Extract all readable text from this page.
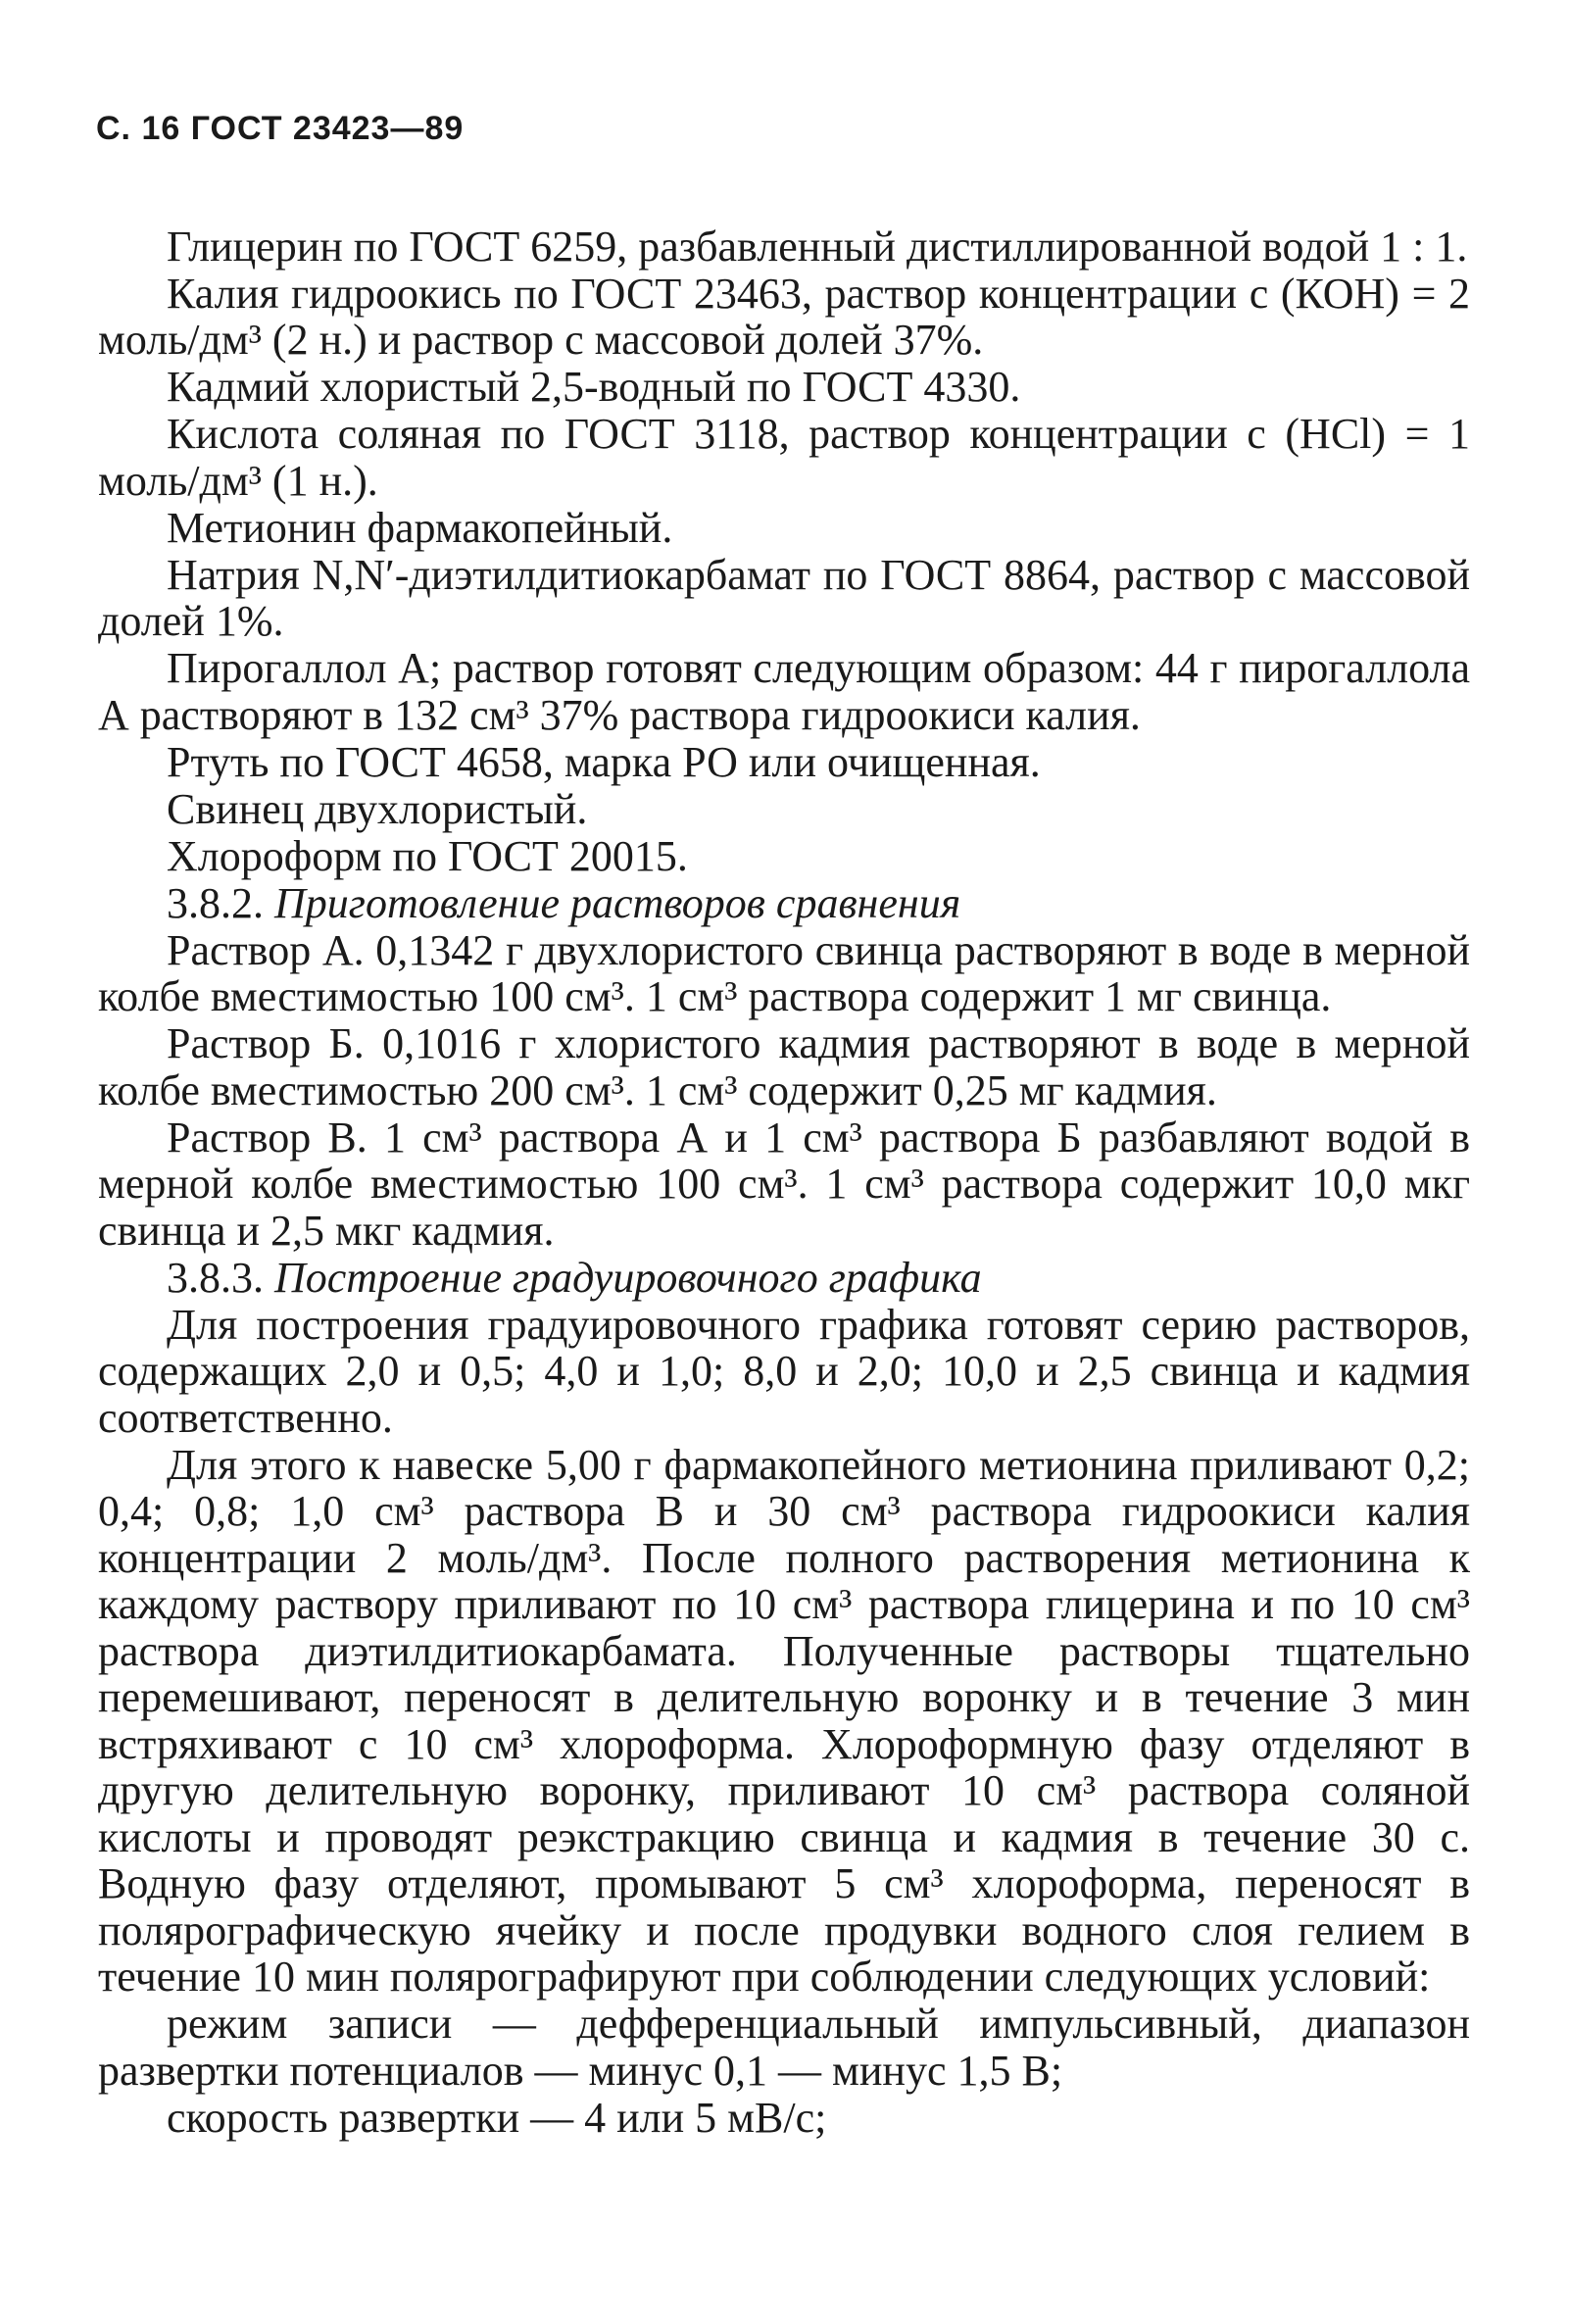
С. 16 ГОСТ 23423—89

Глицерин по ГОСТ 6259, разбавленный дистиллированной водой 1 : 1.

Калия гидроокись по ГОСТ 23463, раствор концентрации с (КОН) = 2 моль/дм³ (2 н.) и раствор с массовой долей 37%.

Кадмий хлористый 2,5-водный по ГОСТ 4330.

Кислота соляная по ГОСТ 3118, раствор концентрации с (HCl) = 1 моль/дм³ (1 н.).

Метионин фармакопейный.

Натрия N,N′-диэтилдитиокарбамат по ГОСТ 8864, раствор с массовой долей 1%.

Пирогаллол А; раствор готовят следующим образом: 44 г пирогаллола А растворяют в 132 см³ 37% раствора гидроокиси калия.

Ртуть по ГОСТ 4658, марка РО или очищенная.

Свинец двухлористый.

Хлороформ по ГОСТ 20015.

3.8.2. Приготовление растворов сравнения

Раствор А. 0,1342 г двухлористого свинца растворяют в воде в мерной колбе вместимостью 100 см³. 1 см³ раствора содержит 1 мг свинца.

Раствор Б. 0,1016 г хлористого кадмия растворяют в воде в мерной колбе вместимостью 200 см³. 1 см³ содержит 0,25 мг кадмия.

Раствор В. 1 см³ раствора А и 1 см³ раствора Б разбавляют водой в мерной колбе вместимостью 100 см³. 1 см³ раствора содержит 10,0 мкг свинца и 2,5 мкг кадмия.

3.8.3. Построение градуировочного графика

Для построения градуировочного графика готовят серию растворов, содержащих 2,0 и 0,5; 4,0 и 1,0; 8,0 и 2,0; 10,0 и 2,5 свинца и кадмия соответственно.

Для этого к навеске 5,00 г фармакопейного метионина приливают 0,2; 0,4; 0,8; 1,0 см³ раствора В и 30 см³ раствора гидроокиси калия концентрации 2 моль/дм³. После полного растворения метионина к каждому раствору приливают по 10 см³ раствора глицерина и по 10 см³ раствора диэтилдитиокарбамата. Полученные растворы тщательно перемешивают, переносят в делительную воронку и в течение 3 мин встряхивают с 10 см³ хлороформа. Хлороформную фазу отделяют в другую делительную воронку, приливают 10 см³ раствора соляной кислоты и проводят реэкстракцию свинца и кадмия в течение 30 с. Водную фазу отделяют, промывают 5 см³ хлороформа, переносят в полярографическую ячейку и после продувки водного слоя гелием в течение 10 мин полярографируют при соблюдении следующих условий:

режим записи — дефференциальный импульсивный, диапазон развертки потенциалов — минус 0,1 — минус 1,5 В;

скорость развертки — 4 или 5 мВ/с;
